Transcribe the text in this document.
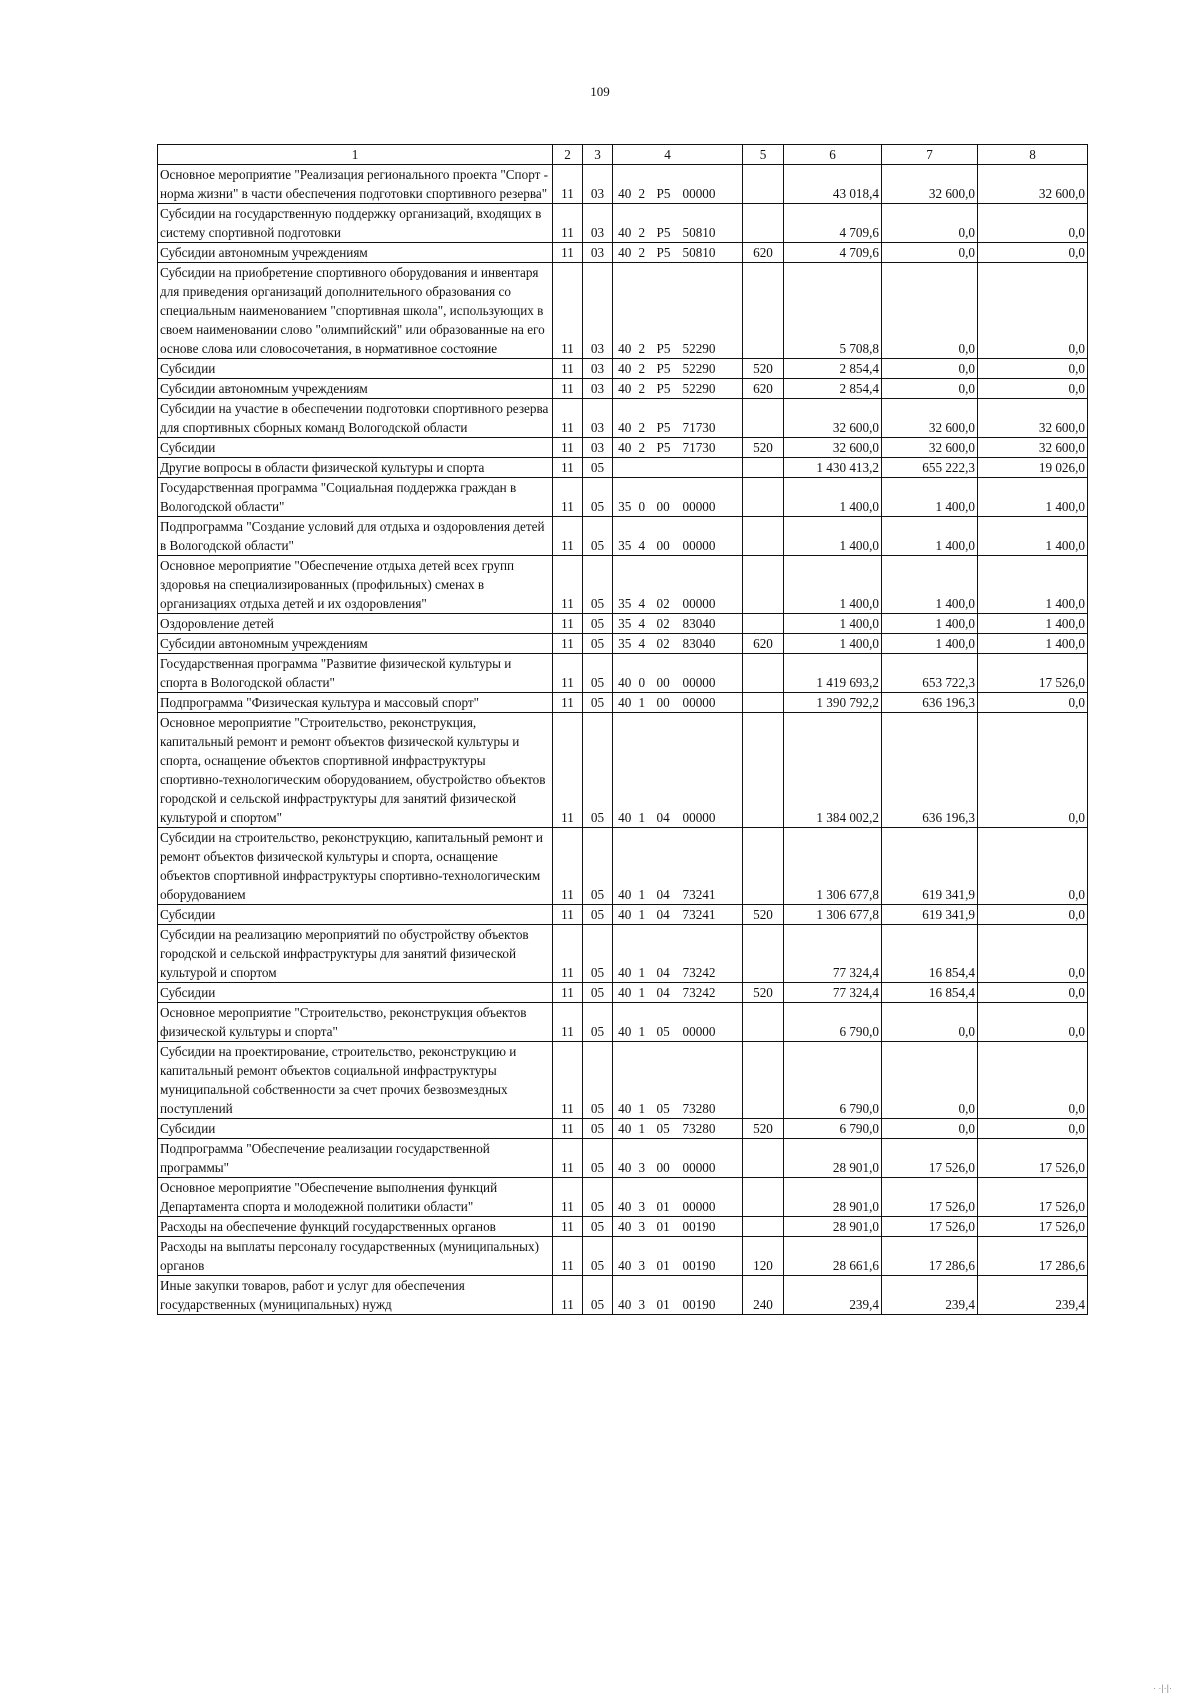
109
1	2	3			4		5	6	7	8
Основное мероприятие "Реализация регионального проекта "Спорт - норма жизни" в части обеспечения подготовки спортивного резерва"	11	03	40	2	P5	00000		43 018,4	32 600,0	32 600,0
Субсидии на государственную поддержку организаций, входящих в систему спортивной подготовки	11	03	40	2	P5	50810		4 709,6	0,0	0,0
Субсидии автономным учреждениям	11	03	40	2	P5	50810	620	4 709,6	0,0	0,0
Субсидии на приобретение спортивного оборудования и инвентаря для приведения организаций дополнительного образования со специальным наименованием "спортивная школа", использующих в своем наименовании слово "олимпийский" или образованные на его основе слова или словосочетания, в нормативное состояние	11	03	40	2	P5	52290		5 708,8	0,0	0,0
Субсидии	11	03	40	2	P5	52290	520	2 854,4	0,0	0,0
Субсидии автономным учреждениям	11	03	40	2	P5	52290	620	2 854,4	0,0	0,0
Субсидии на участие в обеспечении подготовки спортивного резерва для спортивных сборных команд Вологодской области	11	03	40	2	P5	71730		32 600,0	32 600,0	32 600,0
Субсидии	11	03	40	2	P5	71730	520	32 600,0	32 600,0	32 600,0
Другие вопросы в области физической культуры и спорта	11	05						1 430 413,2	655 222,3	19 026,0
Государственная программа "Социальная поддержка граждан в Вологодской области"	11	05	35	0	00	00000		1 400,0	1 400,0	1 400,0
Подпрограмма "Создание условий для отдыха и оздоровления детей в Вологодской области"	11	05	35	4	00	00000		1 400,0	1 400,0	1 400,0
Основное мероприятие "Обеспечение отдыха детей всех групп здоровья на специализированных (профильных) сменах в организациях отдыха детей и их оздоровления"	11	05	35	4	02	00000		1 400,0	1 400,0	1 400,0
Оздоровление детей	11	05	35	4	02	83040		1 400,0	1 400,0	1 400,0
Субсидии автономным учреждениям	11	05	35	4	02	83040	620	1 400,0	1 400,0	1 400,0
Государственная программа "Развитие физической культуры и спорта в Вологодской области"	11	05	40	0	00	00000		1 419 693,2	653 722,3	17 526,0
Подпрограмма "Физическая культура и массовый спорт"	11	05	40	1	00	00000		1 390 792,2	636 196,3	0,0
Основное мероприятие "Строительство, реконструкция, капитальный ремонт и ремонт объектов физической культуры и спорта, оснащение объектов спортивной инфраструктуры спортивно-технологическим оборудованием, обустройство объектов городской и сельской инфраструктуры для занятий физической культурой и спортом"	11	05	40	1	04	00000		1 384 002,2	636 196,3	0,0
Субсидии на строительство, реконструкцию, капитальный ремонт и ремонт объектов физической культуры и спорта, оснащение объектов спортивной инфраструктуры спортивно-технологическим оборудованием	11	05	40	1	04	73241		1 306 677,8	619 341,9	0,0
Субсидии	11	05	40	1	04	73241	520	1 306 677,8	619 341,9	0,0
Субсидии на реализацию мероприятий по обустройству объектов городской и сельской инфраструктуры для занятий физической культурой и спортом	11	05	40	1	04	73242		77 324,4	16 854,4	0,0
Субсидии	11	05	40	1	04	73242	520	77 324,4	16 854,4	0,0
Основное мероприятие "Строительство, реконструкция объектов физической культуры и спорта"	11	05	40	1	05	00000		6 790,0	0,0	0,0
Субсидии на проектирование, строительство, реконструкцию и капитальный ремонт объектов социальной инфраструктуры муниципальной собственности за счет прочих безвозмездных поступлений	11	05	40	1	05	73280		6 790,0	0,0	0,0
Субсидии	11	05	40	1	05	73280	520	6 790,0	0,0	0,0
Подпрограмма "Обеспечение реализации государственной программы"	11	05	40	3	00	00000		28 901,0	17 526,0	17 526,0
Основное мероприятие "Обеспечение выполнения функций Департамента спорта и молодежной политики области"	11	05	40	3	01	00000		28 901,0	17 526,0	17 526,0
Расходы на обеспечение функций государственных органов	11	05	40	3	01	00190		28 901,0	17 526,0	17 526,0
Расходы на выплаты персоналу государственных (муниципальных) органов	11	05	40	3	01	00190	120	28 661,6	17 286,6	17 286,6
Иные закупки товаров, работ и услуг для обеспечения государственных (муниципальных) нужд	11	05	40	3	01	00190	240	239,4	239,4	239,4
· ·|·|·
